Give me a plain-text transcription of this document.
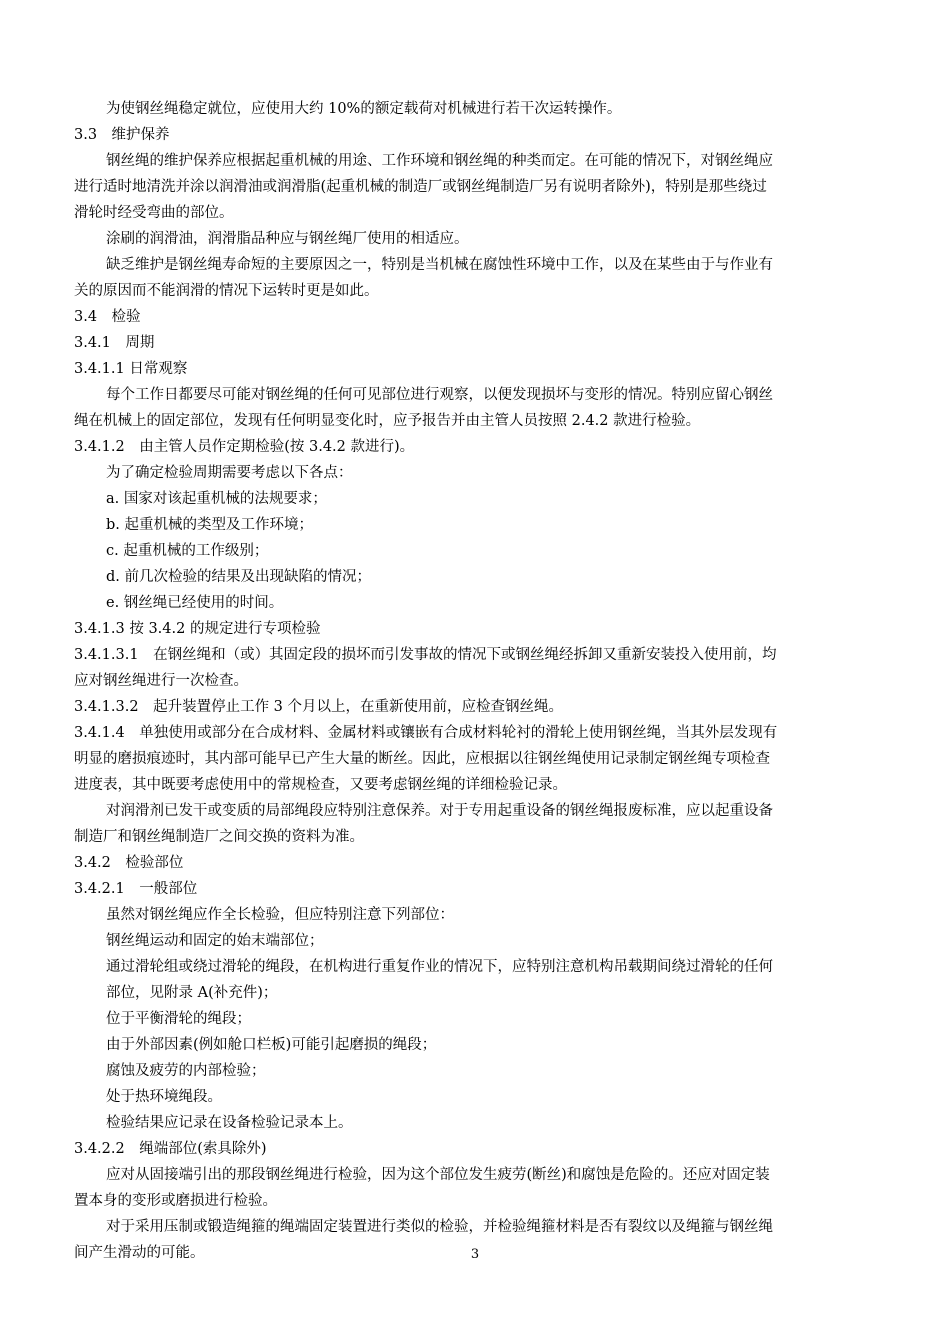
为使钢丝绳稳定就位，应使用大约 10%的额定载荷对机械进行若干次运转操作。
3.3　维护保养
钢丝绳的维护保养应根据起重机械的用途、工作环境和钢丝绳的种类而定。在可能的情况下，对钢丝绳应
进行适时地清洗并涂以润滑油或润滑脂(起重机械的制造厂或钢丝绳制造厂另有说明者除外)，特别是那些绕过
滑轮时经受弯曲的部位。
涂刷的润滑油，润滑脂品种应与钢丝绳厂使用的相适应。
缺乏维护是钢丝绳寿命短的主要原因之一，特别是当机械在腐蚀性环境中工作，以及在某些由于与作业有
关的原因而不能润滑的情况下运转时更是如此。
3.4　检验
3.4.1　周期
3.4.1.1 日常观察
每个工作日都要尽可能对钢丝绳的任何可见部位进行观察，以便发现损坏与变形的情况。特别应留心钢丝
绳在机械上的固定部位，发现有任何明显变化时，应予报告并由主管人员按照 2.4.2 款进行检验。
3.4.1.2　由主管人员作定期检验(按 3.4.2 款进行)。
为了确定检验周期需要考虑以下各点：
a. 国家对该起重机械的法规要求；
b. 起重机械的类型及工作环境；
c. 起重机械的工作级别；
d. 前几次检验的结果及出现缺陷的情况；
e. 钢丝绳已经使用的时间。
3.4.1.3 按 3.4.2 的规定进行专项检验
3.4.1.3.1　在钢丝绳和（或）其固定段的损坏而引发事故的情况下或钢丝绳经拆卸又重新安装投入使用前，均
应对钢丝绳进行一次检查。
3.4.1.3.2　起升装置停止工作 3 个月以上，在重新使用前，应检查钢丝绳。
3.4.1.4　单独使用或部分在合成材料、金属材料或镶嵌有合成材料轮衬的滑轮上使用钢丝绳，当其外层发现有
明显的磨损痕迹时，其内部可能早已产生大量的断丝。因此，应根据以往钢丝绳使用记录制定钢丝绳专项检查
进度表，其中既要考虑使用中的常规检查，又要考虑钢丝绳的详细检验记录。
对润滑剂已发干或变质的局部绳段应特别注意保养。对于专用起重设备的钢丝绳报废标准，应以起重设备
制造厂和钢丝绳制造厂之间交换的资料为准。
3.4.2　检验部位
3.4.2.1　一般部位
虽然对钢丝绳应作全长检验，但应特别注意下列部位：
钢丝绳运动和固定的始末端部位；
通过滑轮组或绕过滑轮的绳段，在机构进行重复作业的情况下，应特别注意机构吊载期间绕过滑轮的任何
部位，见附录 A(补充件)；
位于平衡滑轮的绳段；
由于外部因素(例如舱口栏板)可能引起磨损的绳段；
腐蚀及疲劳的内部检验；
处于热环境绳段。
检验结果应记录在设备检验记录本上。
3.4.2.2　绳端部位(索具除外)
应对从固接端引出的那段钢丝绳进行检验，因为这个部位发生疲劳(断丝)和腐蚀是危险的。还应对固定装
置本身的变形或磨损进行检验。
对于采用压制或锻造绳箍的绳端固定装置进行类似的检验，并检验绳箍材料是否有裂纹以及绳箍与钢丝绳
间产生滑动的可能。	3
